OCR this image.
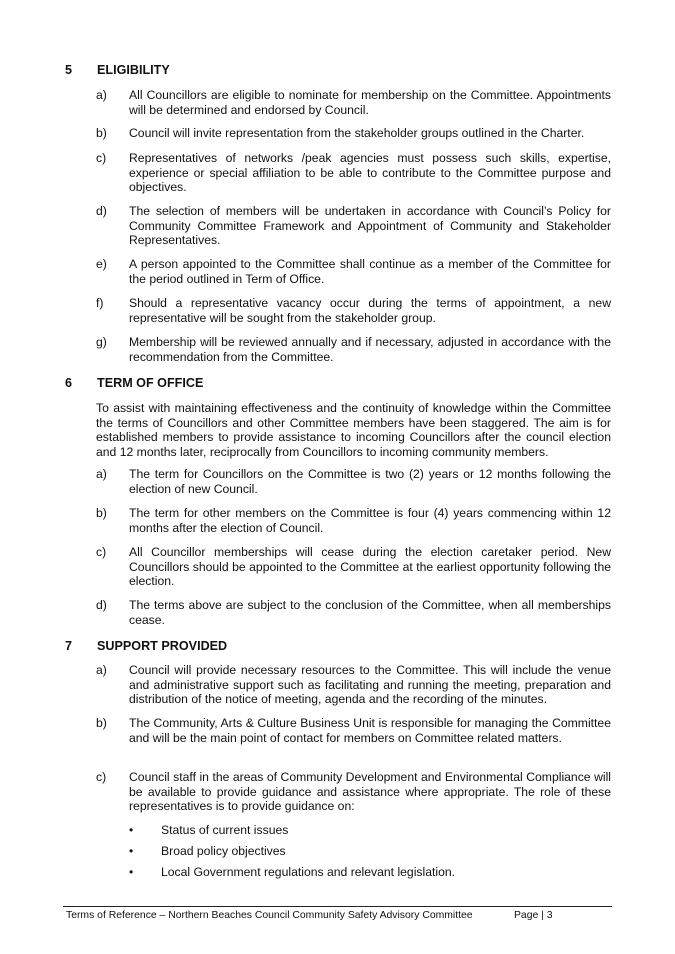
5 ELIGIBILITY
a) All Councillors are eligible to nominate for membership on the Committee. Appointments will be determined and endorsed by Council.
b) Council will invite representation from the stakeholder groups outlined in the Charter.
c) Representatives of networks /peak agencies must possess such skills, expertise, experience or special affiliation to be able to contribute to the Committee purpose and objectives.
d) The selection of members will be undertaken in accordance with Council’s Policy for Community Committee Framework and Appointment of Community and Stakeholder Representatives.
e) A person appointed to the Committee shall continue as a member of the Committee for the period outlined in Term of Office.
f) Should a representative vacancy occur during the terms of appointment, a new representative will be sought from the stakeholder group.
g) Membership will be reviewed annually and if necessary, adjusted in accordance with the recommendation from the Committee.
6 TERM OF OFFICE
To assist with maintaining effectiveness and the continuity of knowledge within the Committee the terms of Councillors and other Committee members have been staggered. The aim is for established members to provide assistance to incoming Councillors after the council election and 12 months later, reciprocally from Councillors to incoming community members.
a) The term for Councillors on the Committee is two (2) years or 12 months following the election of new Council.
b) The term for other members on the Committee is four (4) years commencing within 12 months after the election of Council.
c) All Councillor memberships will cease during the election caretaker period. New Councillors should be appointed to the Committee at the earliest opportunity following the election.
d) The terms above are subject to the conclusion of the Committee, when all memberships cease.
7 SUPPORT PROVIDED
a) Council will provide necessary resources to the Committee. This will include the venue and administrative support such as facilitating and running the meeting, preparation and distribution of the notice of meeting, agenda and the recording of the minutes.
b) The Community, Arts & Culture Business Unit is responsible for managing the Committee and will be the main point of contact for members on Committee related matters.
c) Council staff in the areas of Community Development and Environmental Compliance will be available to provide guidance and assistance where appropriate. The role of these representatives is to provide guidance on:
• Status of current issues
• Broad policy objectives
• Local Government regulations and relevant legislation.
Terms of Reference – Northern Beaches Council Community Safety Advisory Committee	Page | 3
